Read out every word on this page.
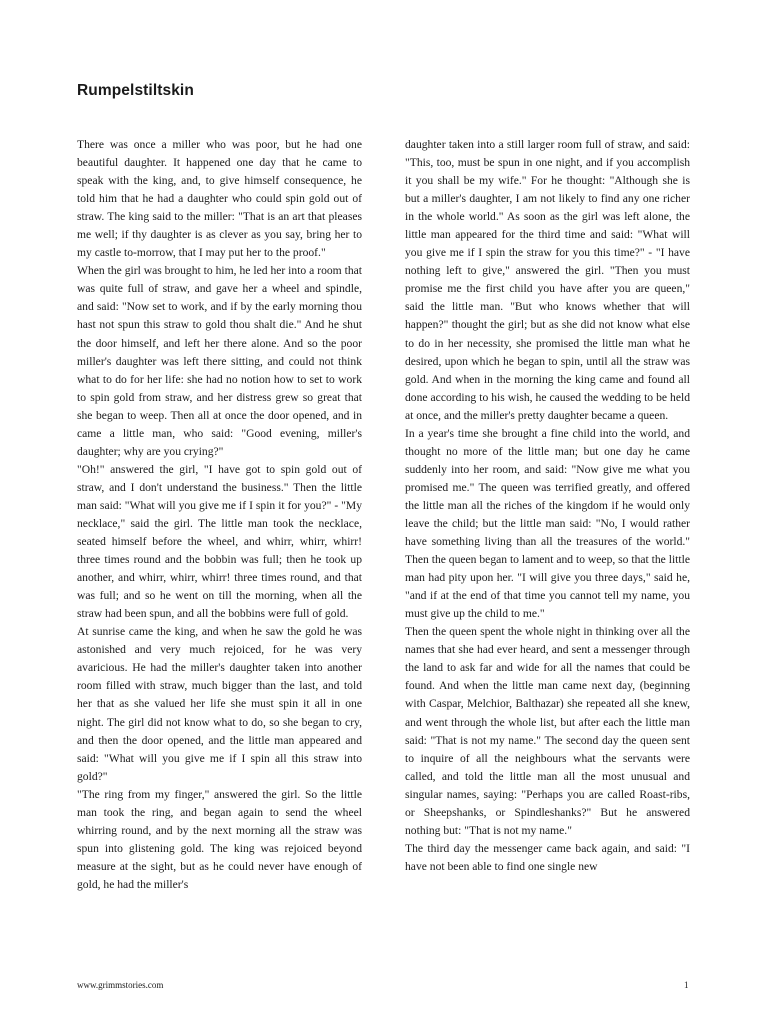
Rumpelstiltskin

There was once a miller who was poor, but he had one beautiful daughter. It happened one day that he came to speak with the king, and, to give himself consequence, he told him that he had a daughter who could spin gold out of straw. The king said to the miller: "That is an art that pleases me well; if thy daughter is as clever as you say, bring her to my castle to-morrow, that I may put her to the proof."

When the girl was brought to him, he led her into a room that was quite full of straw, and gave her a wheel and spindle, and said: "Now set to work, and if by the early morning thou hast not spun this straw to gold thou shalt die." And he shut the door himself, and left her there alone. And so the poor miller's daughter was left there sitting, and could not think what to do for her life: she had no notion how to set to work to spin gold from straw, and her distress grew so great that she began to weep. Then all at once the door opened, and in came a little man, who said: "Good evening, miller's daughter; why are you crying?"

"Oh!" answered the girl, "I have got to spin gold out of straw, and I don't understand the business." Then the little man said: "What will you give me if I spin it for you?" - "My necklace," said the girl. The little man took the necklace, seated himself before the wheel, and whirr, whirr, whirr! three times round and the bobbin was full; then he took up another, and whirr, whirr, whirr! three times round, and that was full; and so he went on till the morning, when all the straw had been spun, and all the bobbins were full of gold.

At sunrise came the king, and when he saw the gold he was astonished and very much rejoiced, for he was very avaricious. He had the miller's daughter taken into another room filled with straw, much bigger than the last, and told her that as she valued her life she must spin it all in one night. The girl did not know what to do, so she began to cry, and then the door opened, and the little man appeared and said: "What will you give me if I spin all this straw into gold?"

"The ring from my finger," answered the girl. So the little man took the ring, and began again to send the wheel whirring round, and by the next morning all the straw was spun into glistening gold. The king was rejoiced beyond measure at the sight, but as he could never have enough of gold, he had the miller's

daughter taken into a still larger room full of straw, and said: "This, too, must be spun in one night, and if you accomplish it you shall be my wife." For he thought: "Although she is but a miller's daughter, I am not likely to find any one richer in the whole world." As soon as the girl was left alone, the little man appeared for the third time and said: "What will you give me if I spin the straw for you this time?" - "I have nothing left to give," answered the girl. "Then you must promise me the first child you have after you are queen," said the little man. "But who knows whether that will happen?" thought the girl; but as she did not know what else to do in her necessity, she promised the little man what he desired, upon which he began to spin, until all the straw was gold. And when in the morning the king came and found all done according to his wish, he caused the wedding to be held at once, and the miller's pretty daughter became a queen.

In a year's time she brought a fine child into the world, and thought no more of the little man; but one day he came suddenly into her room, and said: "Now give me what you promised me." The queen was terrified greatly, and offered the little man all the riches of the kingdom if he would only leave the child; but the little man said: "No, I would rather have something living than all the treasures of the world." Then the queen began to lament and to weep, so that the little man had pity upon her. "I will give you three days," said he, "and if at the end of that time you cannot tell my name, you must give up the child to me."

Then the queen spent the whole night in thinking over all the names that she had ever heard, and sent a messenger through the land to ask far and wide for all the names that could be found. And when the little man came next day, (beginning with Caspar, Melchior, Balthazar) she repeated all she knew, and went through the whole list, but after each the little man said: "That is not my name." The second day the queen sent to inquire of all the neighbours what the servants were called, and told the little man all the most unusual and singular names, saying: "Perhaps you are called Roast-ribs, or Sheepshanks, or Spindleshanks?" But he answered nothing but: "That is not my name."

The third day the messenger came back again, and said: "I have not been able to find one single new

www.grimmstories.com	1
